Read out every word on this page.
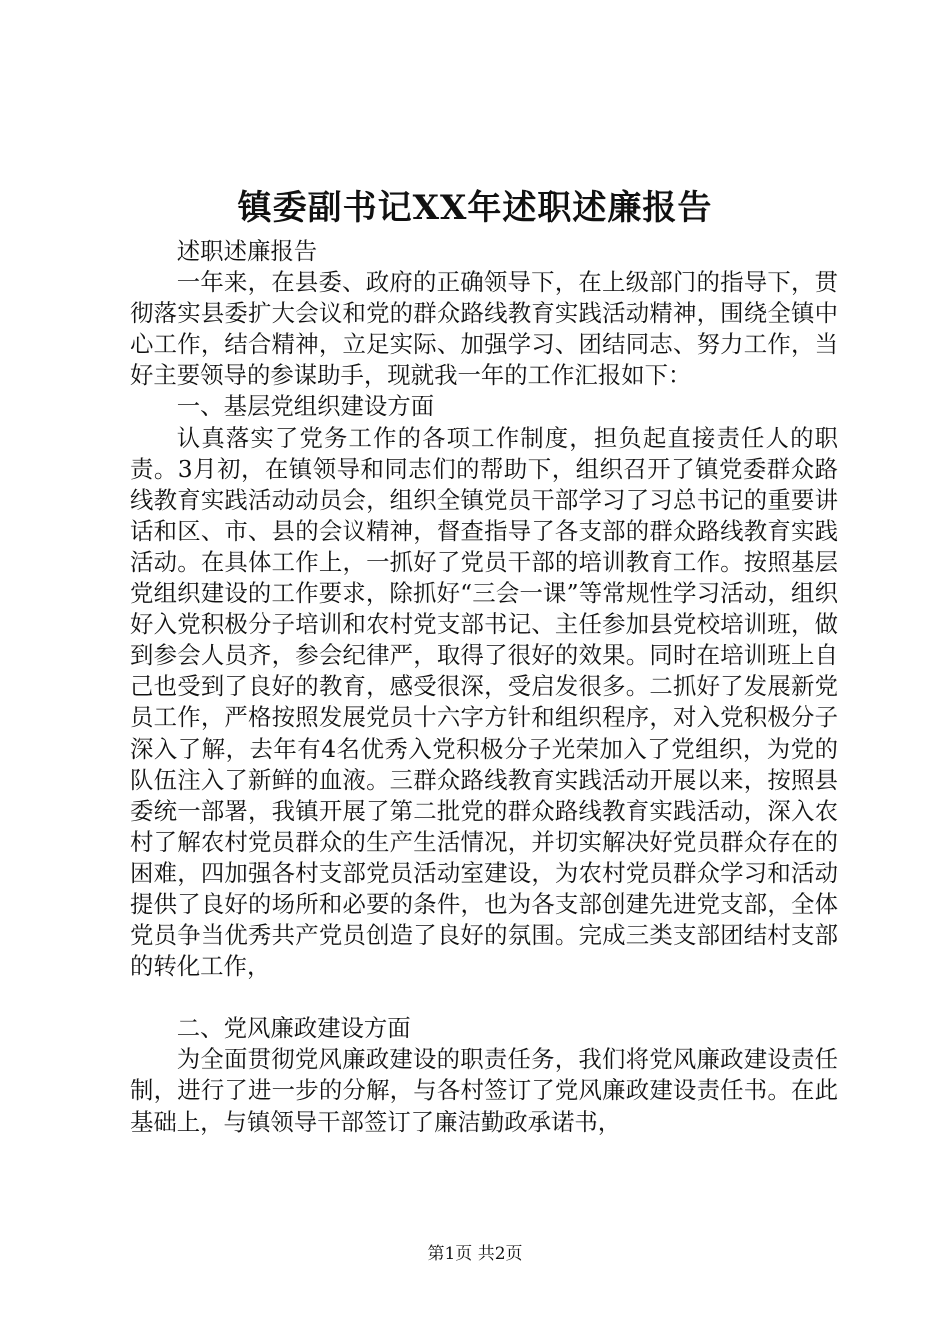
镇委副书记XX年述职述廉报告

述职述廉报告

一年来，在县委、政府的正确领导下，在上级部门的指导下，贯彻落实县委扩大会议和党的群众路线教育实践活动精神，围绕全镇中心工作，结合精神，立足实际、加强学习、团结同志、努力工作，当好主要领导的参谋助手，现就我一年的工作汇报如下：

一、基层党组织建设方面

认真落实了党务工作的各项工作制度，担负起直接责任人的职责。3月初，在镇领导和同志们的帮助下，组织召开了镇党委群众路线教育实践活动动员会，组织全镇党员干部学习了习总书记的重要讲话和区、市、县的会议精神，督查指导了各支部的群众路线教育实践活动。在具体工作上，一抓好了党员干部的培训教育工作。按照基层党组织建设的工作要求，除抓好“三会一课”等常规性学习活动，组织好入党积极分子培训和农村党支部书记、主任参加县党校培训班，做到参会人员齐，参会纪律严，取得了很好的效果。同时在培训班上自己也受到了良好的教育，感受很深，受启发很多。二抓好了发展新党员工作，严格按照发展党员十六字方针和组织程序，对入党积极分子深入了解，去年有4名优秀入党积极分子光荣加入了党组织，为党的队伍注入了新鲜的血液。三群众路线教育实践活动开展以来，按照县委统一部署，我镇开展了第二批党的群众路线教育实践活动，深入农村了解农村党员群众的生产生活情况，并切实解决好党员群众存在的困难，四加强各村支部党员活动室建设，为农村党员群众学习和活动提供了良好的场所和必要的条件，也为各支部创建先进党支部，全体党员争当优秀共产党员创造了良好的氛围。完成三类支部团结村支部的转化工作，

二、党风廉政建设方面

为全面贯彻党风廉政建设的职责任务，我们将党风廉政建设责任制，进行了进一步的分解，与各村签订了党风廉政建设责任书。在此基础上，与镇领导干部签订了廉洁勤政承诺书，

第1页 共2页
